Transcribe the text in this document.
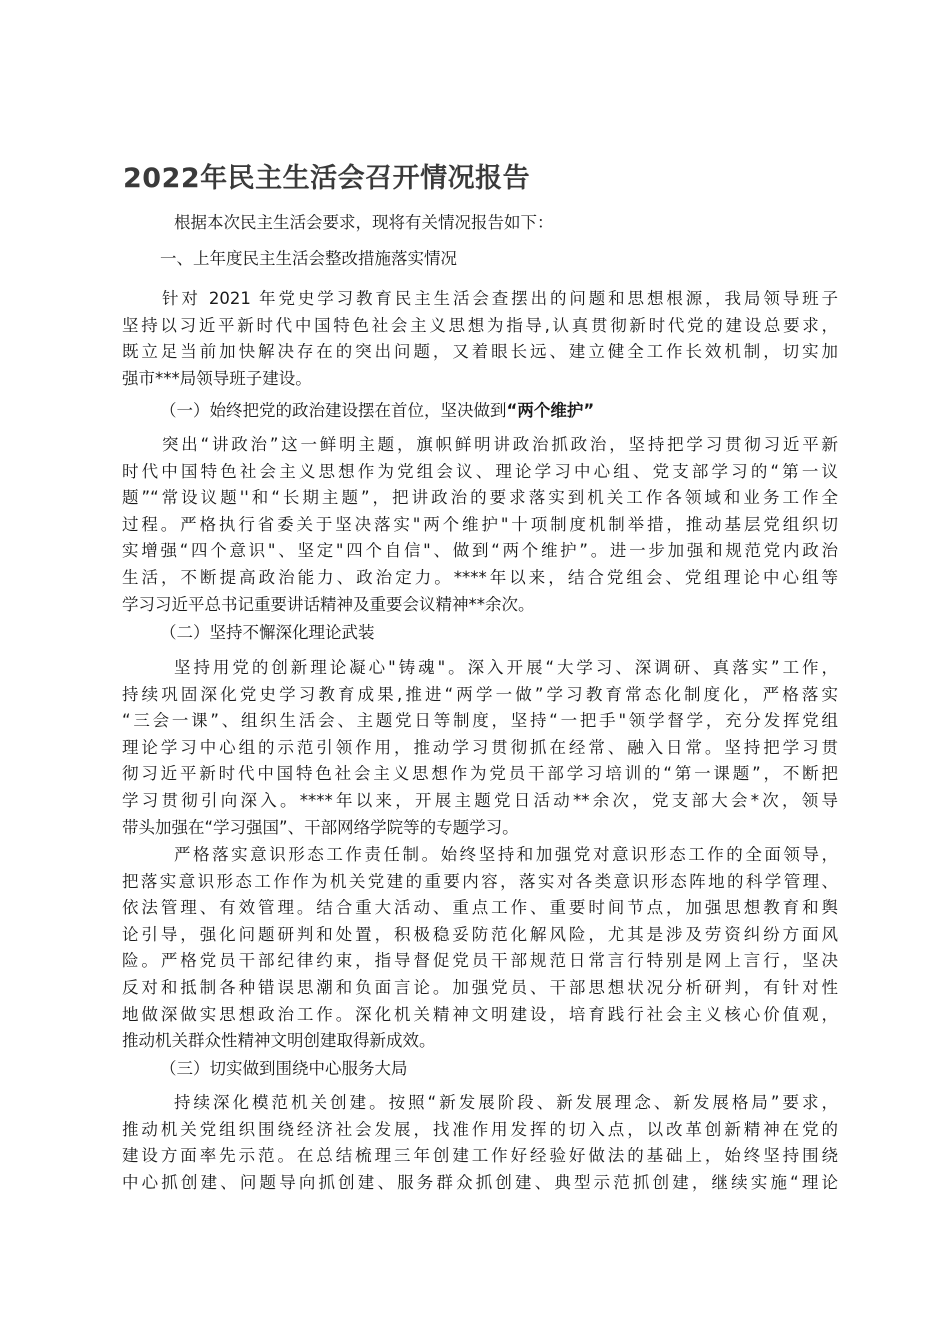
2022年民主生活会召开情况报告
根据本次民主生活会要求，现将有关情况报告如下：
一、上年度民主生活会整改措施落实情况
针对 2021 年党史学习教育民主生活会查摆出的问题和思想根源，我局领导班子
坚持以习近平新时代中国特色社会主义思想为指导,认真贯彻新时代党的建设总要求，
既立足当前加快解决存在的突出问题，又着眼长远、建立健全工作长效机制，切实加
强市***局领导班子建设。
（一）始终把党的政治建设摆在首位，坚决做到“两个维护”
突出“讲政治”这一鲜明主题，旗帜鲜明讲政治抓政治，坚持把学习贯彻习近平新
时代中国特色社会主义思想作为党组会议、理论学习中心组、党支部学习的“第一议
题”“常设议题''和“长期主题”，把讲政治的要求落实到机关工作各领域和业务工作全
过程。严格执行省委关于坚决落实"两个维护"十项制度机制举措，推动基层党组织切
实增强“四个意识"、坚定"四个自信"、做到“两个维护”。进一步加强和规范党内政治
生活，不断提高政治能力、政治定力。****年以来，结合党组会、党组理论中心组等
学习习近平总书记重要讲话精神及重要会议精神**余次。
（二）坚持不懈深化理论武装
坚持用党的创新理论凝心"铸魂"。深入开展“大学习、深调研、真落实”工作，
持续巩固深化党史学习教育成果,推进“两学一做”学习教育常态化制度化，严格落实
“三会一课”、组织生活会、主题党日等制度，坚持“一把手"领学督学，充分发挥党组
理论学习中心组的示范引领作用，推动学习贯彻抓在经常、融入日常。坚持把学习贯
彻习近平新时代中国特色社会主义思想作为党员干部学习培训的“第一课题”，不断把
学习贯彻引向深入。****年以来，开展主题党日活动**余次，党支部大会*次，领导
带头加强在“学习强国”、干部网络学院等的专题学习。
严格落实意识形态工作责任制。始终坚持和加强党对意识形态工作的全面领导，
把落实意识形态工作作为机关党建的重要内容，落实对各类意识形态阵地的科学管理、
依法管理、有效管理。结合重大活动、重点工作、重要时间节点，加强思想教育和舆
论引导，强化问题研判和处置，积极稳妥防范化解风险，尤其是涉及劳资纠纷方面风
险。严格党员干部纪律约束，指导督促党员干部规范日常言行特别是网上言行，坚决
反对和抵制各种错误思潮和负面言论。加强党员、干部思想状况分析研判，有针对性
地做深做实思想政治工作。深化机关精神文明建设，培育践行社会主义核心价值观，
推动机关群众性精神文明创建取得新成效。
（三）切实做到围绕中心服务大局
持续深化模范机关创建。按照“新发展阶段、新发展理念、新发展格局”要求，
推动机关党组织围绕经济社会发展，找准作用发挥的切入点，以改革创新精神在党的
建设方面率先示范。在总结梳理三年创建工作好经验好做法的基础上，始终坚持围绕
中心抓创建、问题导向抓创建、服务群众抓创建、典型示范抓创建，继续实施“理论
